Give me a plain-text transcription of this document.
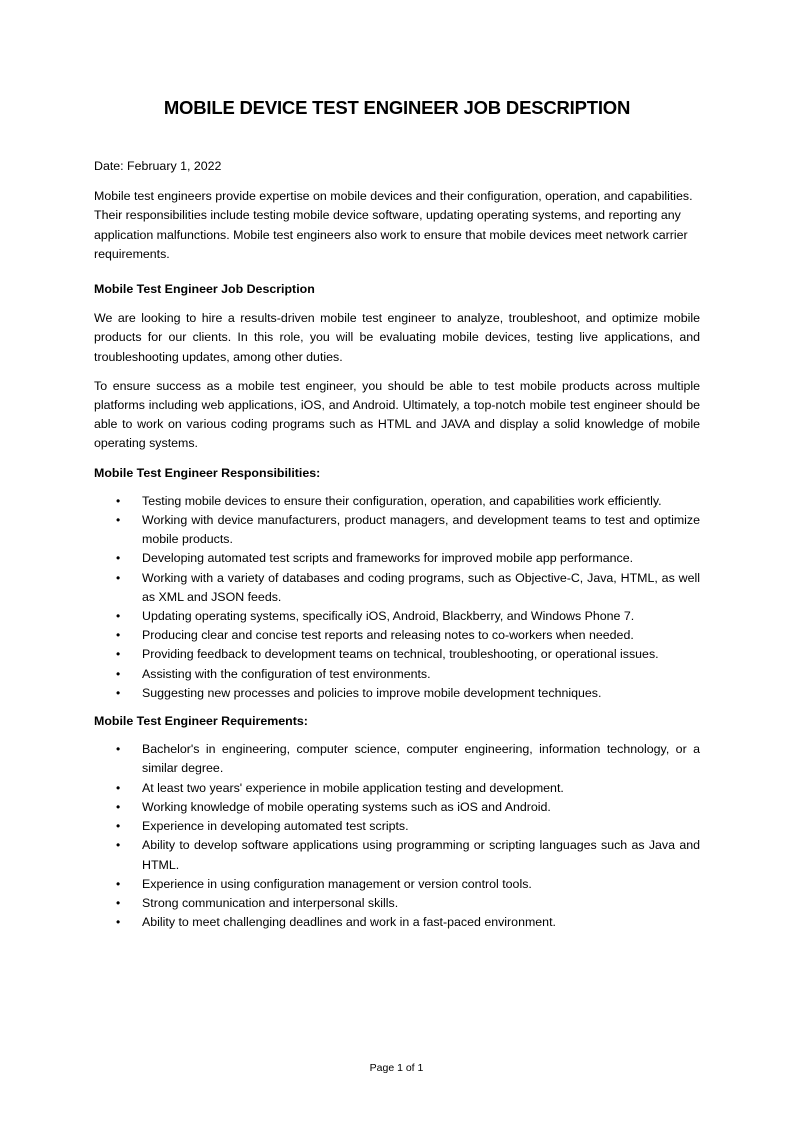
MOBILE DEVICE TEST ENGINEER JOB DESCRIPTION

Date: February 1, 2022

Mobile test engineers provide expertise on mobile devices and their configuration, operation, and capabilities. Their responsibilities include testing mobile device software, updating operating systems, and reporting any application malfunctions. Mobile test engineers also work to ensure that mobile devices meet network carrier requirements.

Mobile Test Engineer Job Description

We are looking to hire a results-driven mobile test engineer to analyze, troubleshoot, and optimize mobile products for our clients. In this role, you will be evaluating mobile devices, testing live applications, and troubleshooting updates, among other duties.

To ensure success as a mobile test engineer, you should be able to test mobile products across multiple platforms including web applications, iOS, and Android. Ultimately, a top-notch mobile test engineer should be able to work on various coding programs such as HTML and JAVA and display a solid knowledge of mobile operating systems.

Mobile Test Engineer Responsibilities:

• Testing mobile devices to ensure their configuration, operation, and capabilities work efficiently.
• Working with device manufacturers, product managers, and development teams to test and optimize mobile products.
• Developing automated test scripts and frameworks for improved mobile app performance.
• Working with a variety of databases and coding programs, such as Objective-C, Java, HTML, as well as XML and JSON feeds.
• Updating operating systems, specifically iOS, Android, Blackberry, and Windows Phone 7.
• Producing clear and concise test reports and releasing notes to co-workers when needed.
• Providing feedback to development teams on technical, troubleshooting, or operational issues.
• Assisting with the configuration of test environments.
• Suggesting new processes and policies to improve mobile development techniques.

Mobile Test Engineer Requirements:

• Bachelor's in engineering, computer science, computer engineering, information technology, or a similar degree.
• At least two years' experience in mobile application testing and development.
• Working knowledge of mobile operating systems such as iOS and Android.
• Experience in developing automated test scripts.
• Ability to develop software applications using programming or scripting languages such as Java and HTML.
• Experience in using configuration management or version control tools.
• Strong communication and interpersonal skills.
• Ability to meet challenging deadlines and work in a fast-paced environment.
Page 1 of 1
